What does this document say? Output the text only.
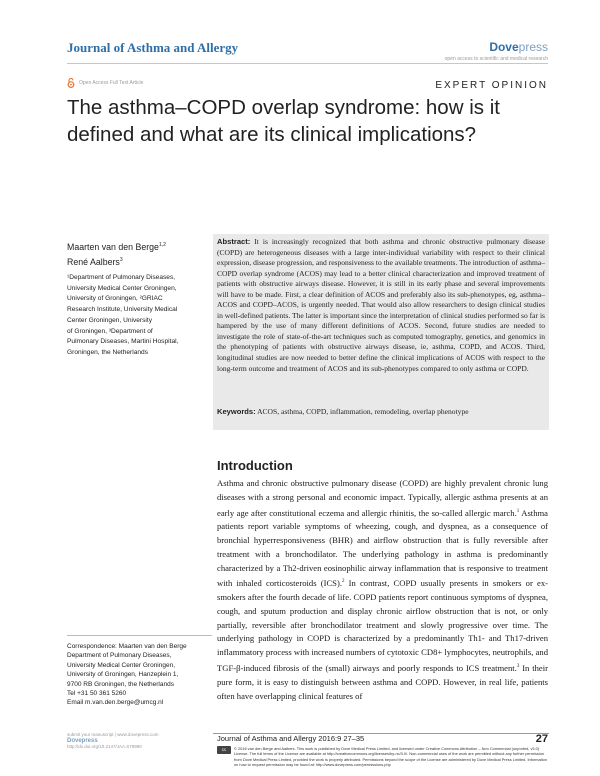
Journal of Asthma and Allergy	Dovepress
open access to scientific and medical research
Open Access Full Text Article	EXPERT OPINION
The asthma–COPD overlap syndrome: how is it
defined and what are its clinical implications?
Maarten van den Berge$^{1,2}$
René Aalbers$^3$
¹Department of Pulmonary Diseases,
University Medical Center Groningen,
University of Groningen, ²GRIAC
Research Institute, University Medical
Center Groningen, University
of Groningen, ³Department of
Pulmonary Diseases, Martini Hospital,
Groningen, the Netherlands
Abstract: It is increasingly recognized that both asthma and chronic obstructive pulmonary disease (COPD) are heterogeneous diseases with a large inter-individual variability with respect to their clinical expression, disease progression, and responsiveness to the available treatments. The introduction of asthma–COPD overlap syndrome (ACOS) may lead to a better clinical characterization and improved treatment of patients with obstructive airways disease. However, it is still in its early phase and several improvements will have to be made. First, a clear definition of ACOS and preferably also its sub-phenotypes, eg, asthma–ACOS and COPD–ACOS, is urgently needed. That would also allow researchers to design clinical studies in well-defined patients. The latter is important since the interpretation of clinical studies performed so far is hampered by the use of many different definitions of ACOS. Second, future studies are needed to investigate the role of state-of-the-art techniques such as computed tomography, genetics, and genomics in the phenotyping of patients with obstructive airways disease, ie, asthma, COPD, and ACOS. Third, longitudinal studies are now needed to better define the clinical implications of ACOS with respect to the long-term outcome and treatment of ACOS and its sub-phenotypes compared to only asthma or COPD.
Keywords: ACOS, asthma, COPD, inflammation, remodeling, overlap phenotype
Introduction

Asthma and chronic obstructive pulmonary disease (COPD) are highly prevalent chronic lung diseases with a strong personal and economic impact. Typically, allergic asthma presents at an early age after constitutional eczema and allergic rhinitis, the so-called allergic march.$^1$ Asthma patients report variable symptoms of wheezing, cough, and dyspnea, as a consequence of bronchial hyperresponsiveness (BHR) and airflow obstruction that is fully reversible after treatment with a bronchodilator. The underlying pathology in asthma is predominantly characterized by a Th2-driven eosinophilic airway inflammation that is responsive to treatment with inhaled corticosteroids (ICS).$^2$ In contrast, COPD usually presents in smokers or ex-smokers after the fourth decade of life. COPD patients report continuous symptoms of dyspnea, cough, and sputum production and display chronic airflow obstruction that is not, or only partially, reversible after bronchodilator treatment and slowly progressive over time. The underlying pathology in COPD is characterized by a predominantly Th1- and Th17-driven inflammatory process with increased numbers of cytotoxic CD8+ lymphocytes, neutrophils, and TGF-β-induced fibrosis of the (small) airways and poorly responds to ICS treatment.$^3$ In their pure form, it is easy to distinguish between asthma and COPD. However, in real life, patients often have overlapping clinical features of

Correspondence: Maarten van den Berge
Department of Pulmonary Diseases,
University Medical Center Groningen,
University of Groningen, Hanzeplein 1,
9700 RB Groningen, the Netherlands
Tel +31 50 361 5260
Email m.van.den.berge@umcg.nl
submit your manuscript | www.dovepress.com
Dovepress
http://dx.doi.org/10.2147/JAA.S78990
Journal of Asthma and Allergy 2016:9 27–35	27
cc	© 2016 van den Berge and Aalbers. This work is published by Dove Medical Press Limited, and licensed under Creative Commons Attribution – Non Commercial (unported, v3.0) License. The full terms of the License are available at http://creativecommons.org/licenses/by-nc/3.0/. Non-commercial uses of the work are permitted without any further permission from Dove Medical Press Limited, provided the work is properly attributed. Permissions beyond the scope of the License are administered by Dove Medical Press Limited. Information on how to request permission may be found at: http://www.dovepress.com/permissions.php
